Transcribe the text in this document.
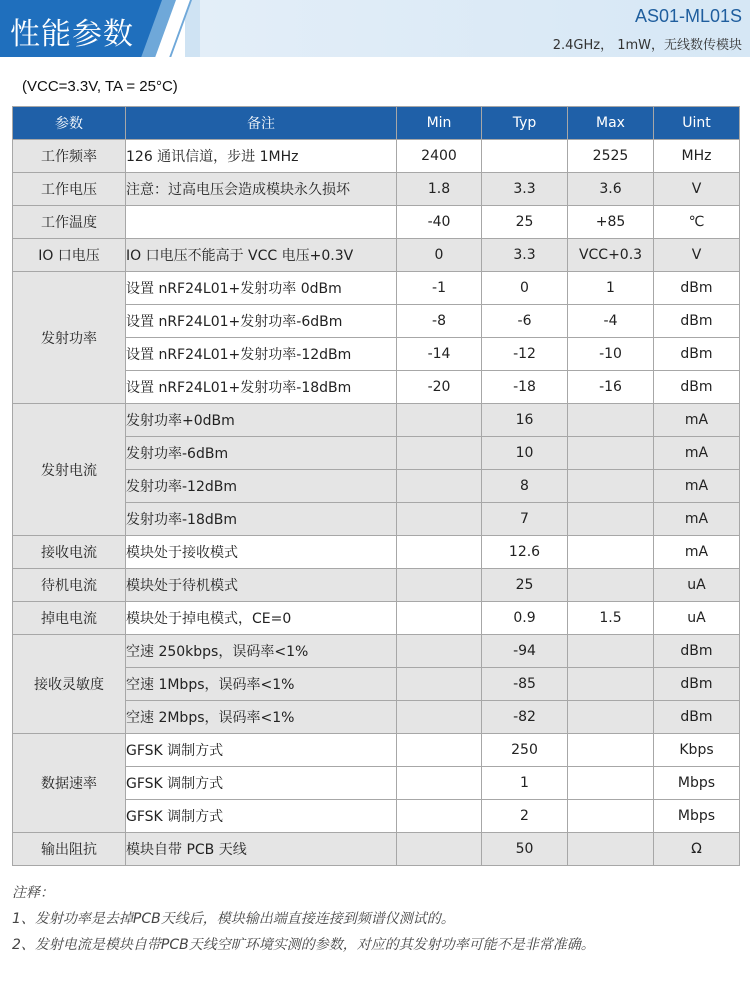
性能参数
AS01-ML01S
2.4GHz， 1mW，无线数传模块
(VCC=3.3V, TA = 25°C)
参数	备注	Min	Typ	Max	Uint
工作频率	126 通讯信道，步进 1MHz	2400		2525	MHz
工作电压	注意：过高电压会造成模块永久损坏	1.8	3.3	3.6	V
工作温度		-40	25	+85	℃
IO 口电压	IO 口电压不能高于 VCC 电压+0.3V	0	3.3	VCC+0.3	V
发射功率	设置 nRF24L01+发射功率 0dBm	-1	0	1	dBm
	设置 nRF24L01+发射功率-6dBm	-8	-6	-4	dBm
	设置 nRF24L01+发射功率-12dBm	-14	-12	-10	dBm
	设置 nRF24L01+发射功率-18dBm	-20	-18	-16	dBm
发射电流	发射功率+0dBm		16		mA
	发射功率-6dBm		10		mA
	发射功率-12dBm		8		mA
	发射功率-18dBm		7		mA
接收电流	模块处于接收模式		12.6		mA
待机电流	模块处于待机模式		25		uA
掉电电流	模块处于掉电模式，CE=0		0.9	1.5	uA
接收灵敏度	空速 250kbps，误码率<1%		-94		dBm
	空速 1Mbps，误码率<1%		-85		dBm
	空速 2Mbps，误码率<1%		-82		dBm
数据速率	GFSK 调制方式		250		Kbps
	GFSK 调制方式		1		Mbps
	GFSK 调制方式		2		Mbps
输出阻抗	模块自带 PCB 天线		50		Ω
注释：
1、发射功率是去掉PCB天线后，模块输出端直接连接到频谱仪测试的。
2、发射电流是模块自带PCB天线空旷环境实测的参数，对应的其发射功率可能不是非常准确。
